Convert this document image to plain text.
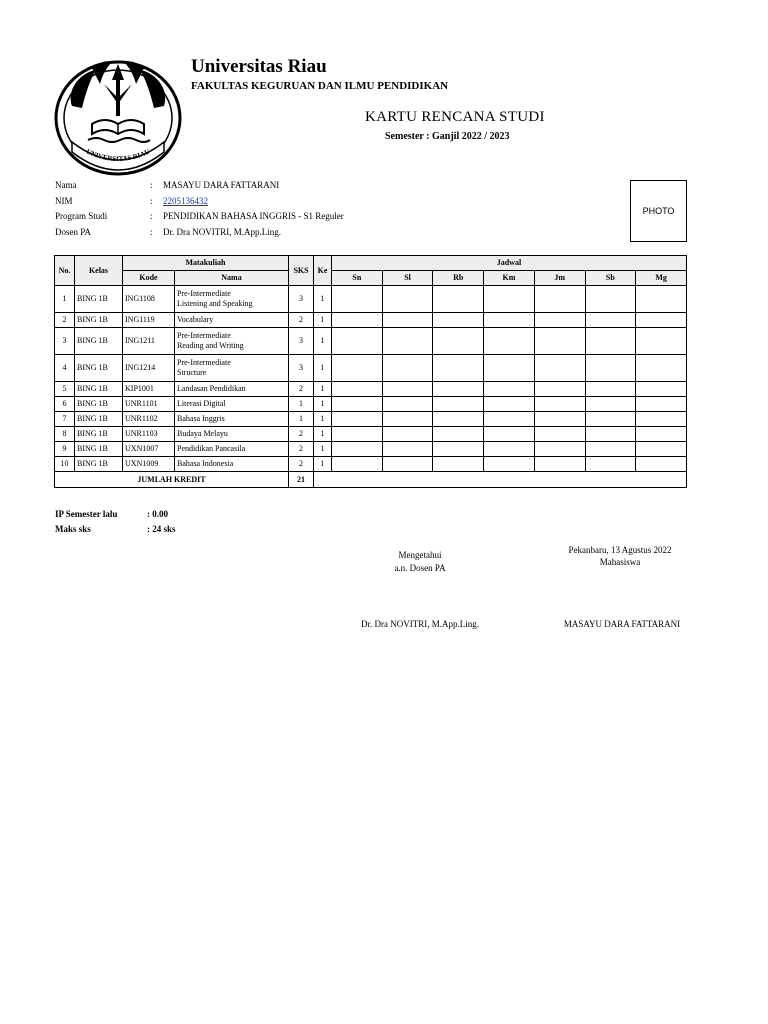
UNIVERSITAS RIAU
Universitas Riau
FAKULTAS KEGURUAN DAN ILMU PENDIDIKAN
KARTU RENCANA STUDI
Semester : Ganjil 2022 / 2023
Nama	: MASAYU DARA FATTARANI
NIM	: 2205136432
Program Studi	: PENDIDIKAN BAHASA INGGRIS - S1 Reguler
Dosen PA	: Dr. Dra NOVITRI, M.App.Ling.
PHOTO
No.	Kelas	Matakuliah		SKS	Ke	Jadwal						
		Kode	Nama			Sn	Sl	Rb	Km	Jm	Sb	Mg
1	BING 1B	ING1108	Pre-Intermediate
Listening and Speaking	3	1							
2	BING 1B	ING1119	Vocabulary	2	1							
3	BING 1B	ING1211	Pre-Intermediate
Reading and Writing	3	1							
4	BING 1B	ING1214	Pre-Intermediate
Structure	3	1							
5	BING 1B	KIP1001	Landasan Pendidikan	2	1							
6	BING 1B	UNR1101	Literasi Digital	1	1							
7	BING 1B	UNR1102	Bahasa Inggris	1	1							
8	BING 1B	UNR1103	Budaya Melayu	2	1							
9	BING 1B	UXN1007	Pendidikan Pancasila	2	1							
10	BING 1B	UXN1009	Bahasa Indonesia	2	1							
JUMLAH KREDIT				21								
IP Semester lalu	: 0.00
Maks sks	: 24 sks
Mengetahui
a.n. Dosen PA
Pekanbaru, 13 Agustus 2022
Mahasiswa
Dr. Dra NOVITRI, M.App.Ling.	MASAYU DARA FATTARANI
